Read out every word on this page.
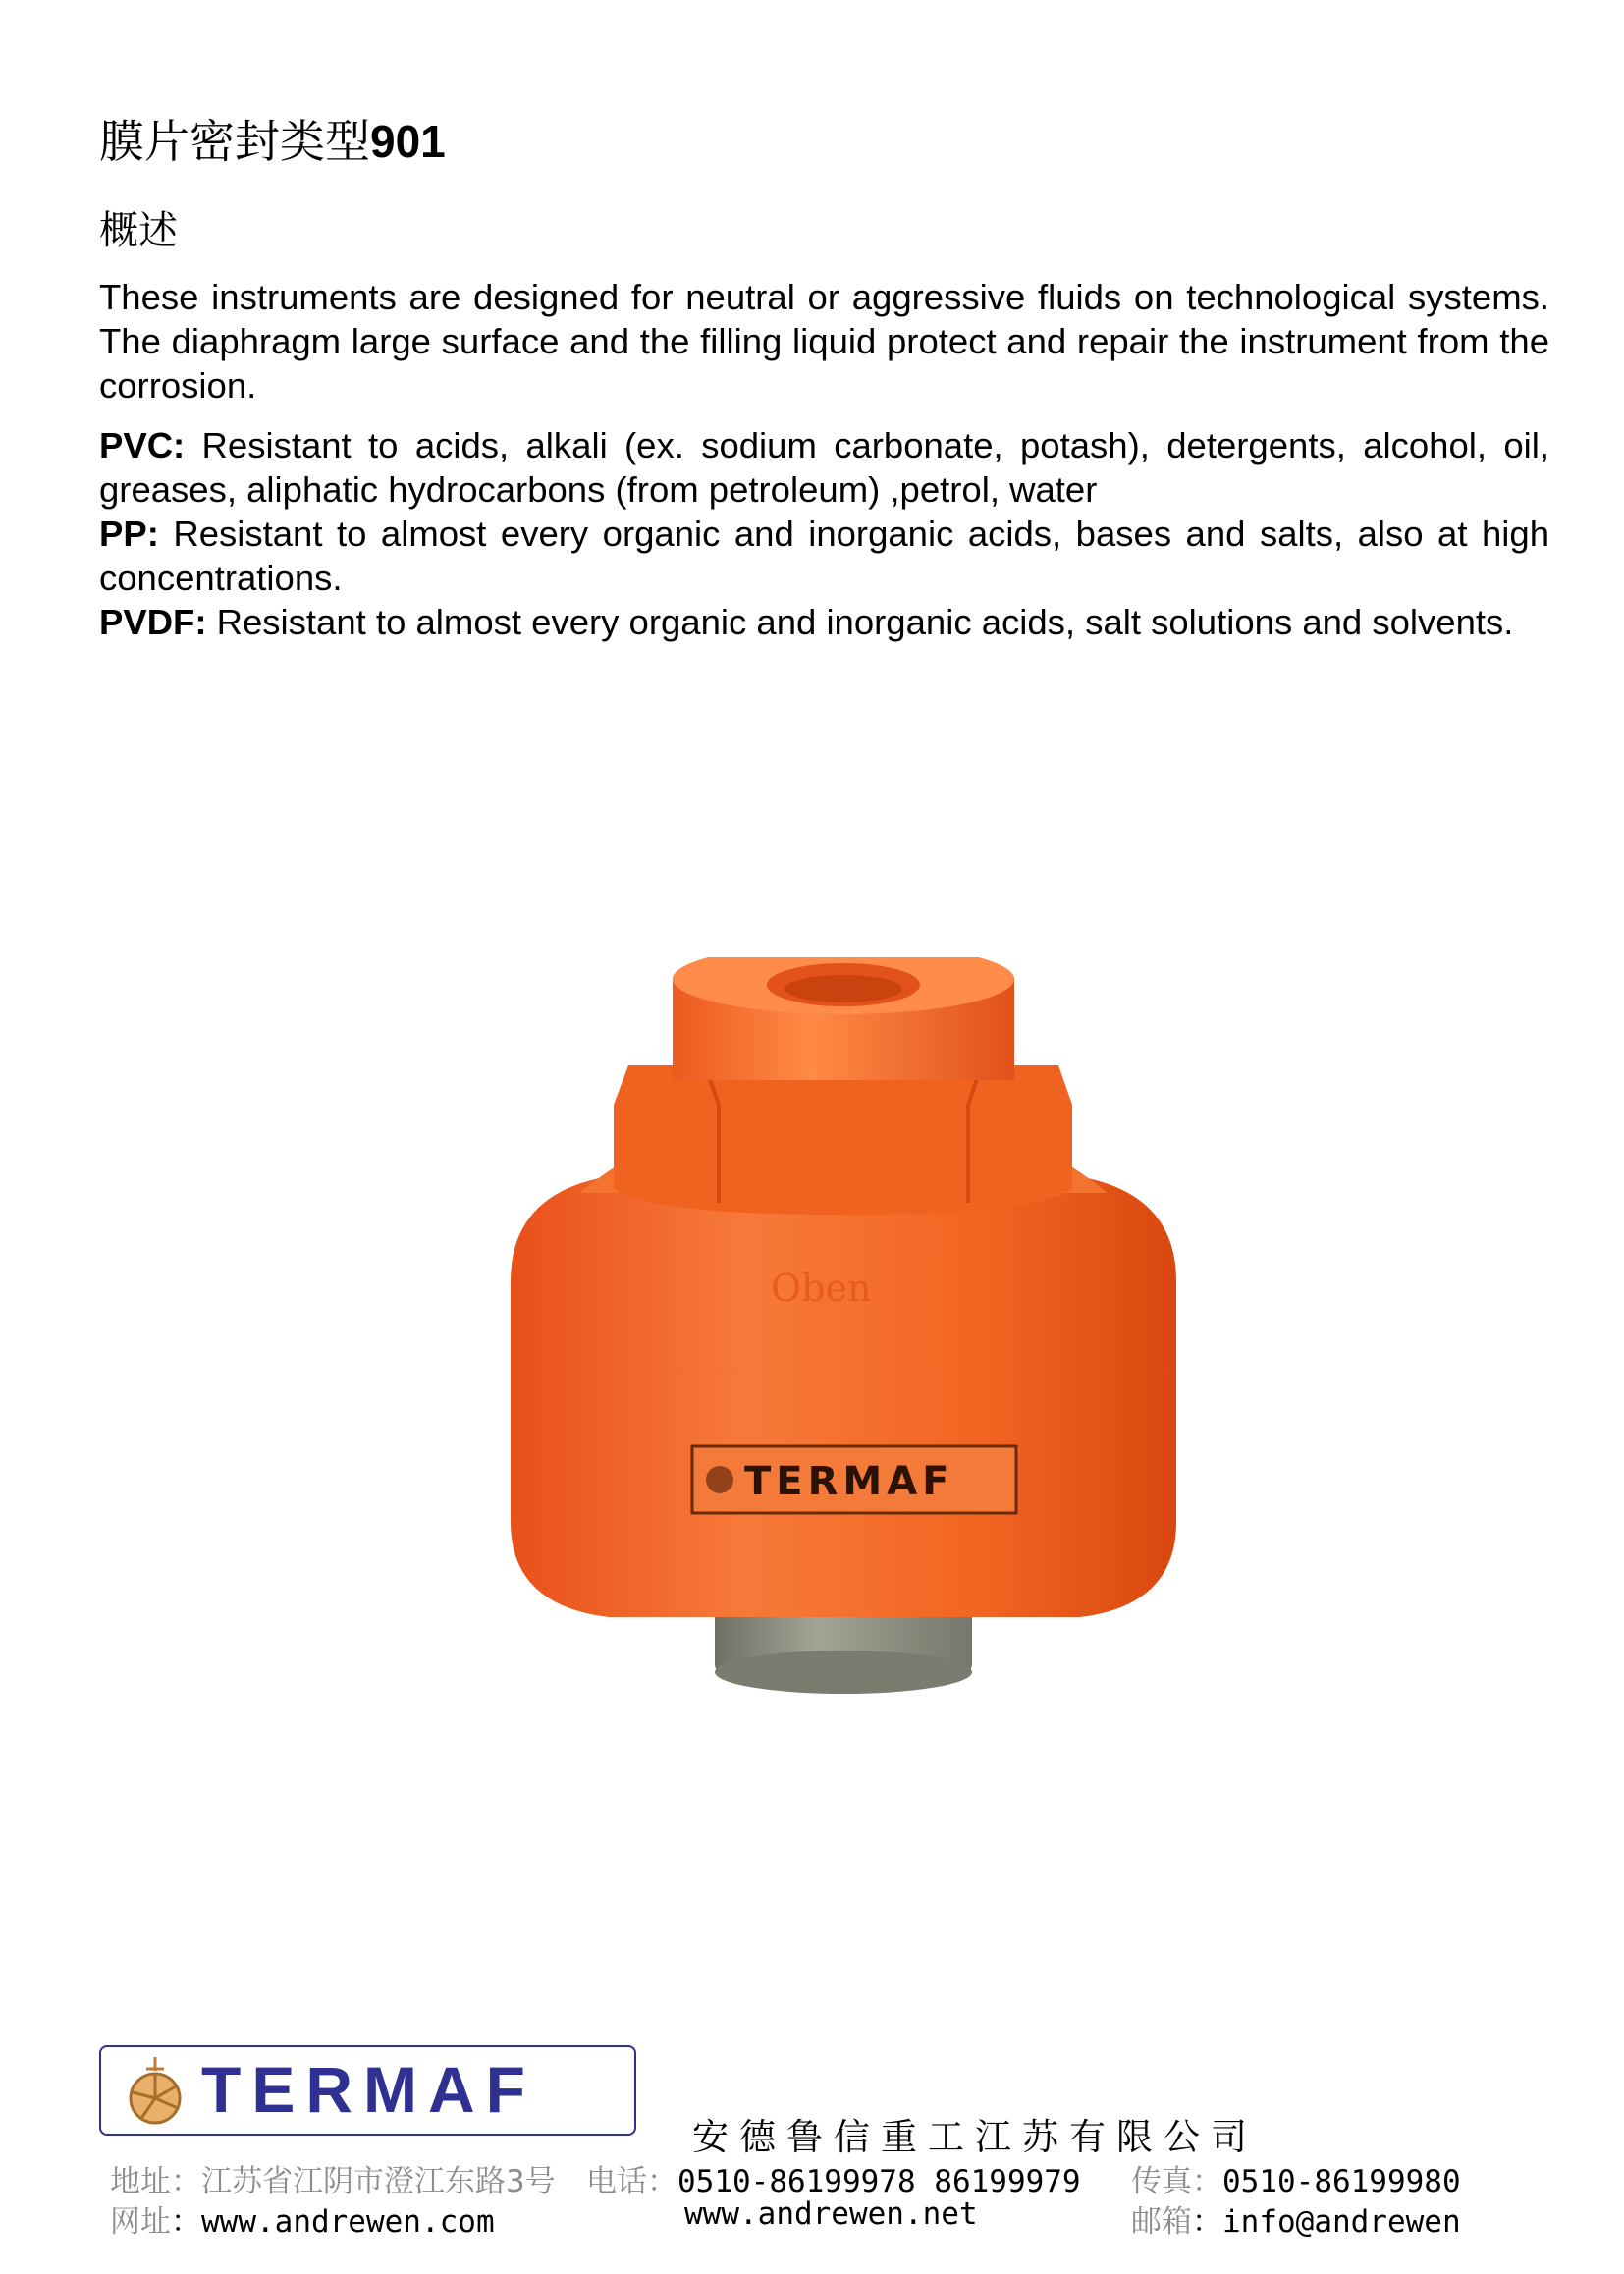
膜片密封类型901
概述

These instruments are designed for neutral or aggressive fluids on technological systems. The diaphragm large surface and the filling liquid protect and repair the instrument from the corrosion.

PVC: Resistant to acids, alkali (ex. sodium carbonate, potash), detergents, alcohol, oil, greases, aliphatic hydrocarbons (from petroleum) ,petrol, water

PP: Resistant to almost every organic and inorganic acids, bases and salts, also at high concentrations.

PVDF: Resistant to almost every organic and inorganic acids, salt solutions and solvents.

Oben
TERMAF
TERMAF
安德鲁信重工江苏有限公司
地址：江苏省江阴市澄江东路3号 电话：0510-86199978 86199979 传真：0510-86199980
网址：www.andrewen.com	www.andrewen.net	邮箱：info@andrewen
